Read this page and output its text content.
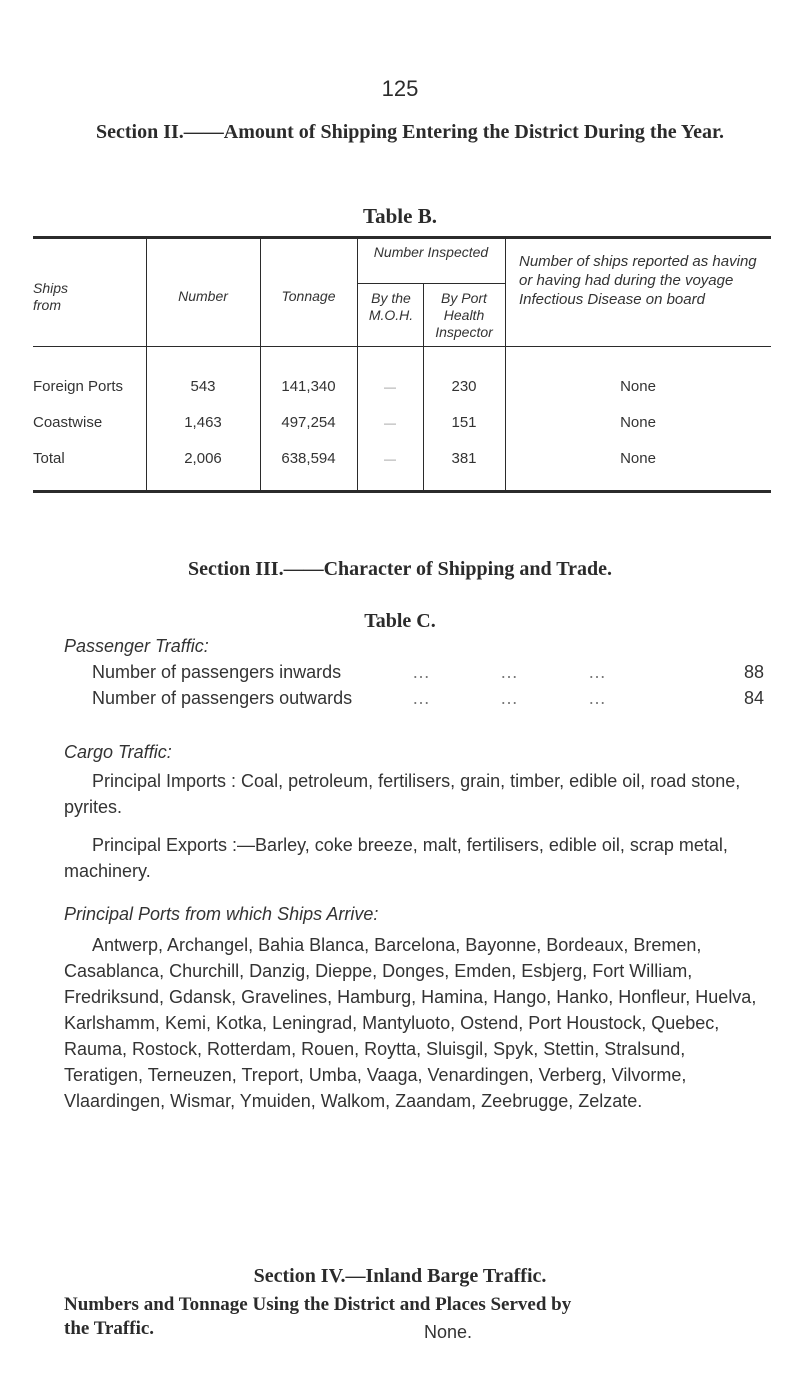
125
Section II.——Amount of Shipping Entering the District During the Year.
Table B.
Ships from
Number	Tonnage
Number Inspected
By the M.O.H.
By Port Health Inspector
Number of ships reported as having or having had during the voyage Infectious Disease on board
Foreign Ports	543	141,340	—	230	None
Coastwise	1,463	497,254	—	151	None
Total	2,006	638,594	—	381	None
Section III.——Character of Shipping and Trade.
Table C.
Passenger Traffic:
Number of passengers inwards	…              …              …	88
Number of passengers outwards	…              …              …	84
Cargo Traffic:
Principal Imports : Coal, petroleum, fertilisers, grain, timber, edible oil, road stone, pyrites.
Principal Exports :—Barley, coke breeze, malt, fertilisers, edible oil, scrap metal, machinery.
Principal Ports from which Ships Arrive:
Antwerp, Archangel, Bahia Blanca, Barcelona, Bayonne, Bordeaux, Bremen, Casablanca, Churchill, Danzig, Dieppe, Donges, Emden, Esbjerg, Fort William, Fredriksund, Gdansk, Gravelines, Hamburg, Hamina, Hango, Hanko, Honfleur, Huelva, Karlshamm, Kemi, Kotka, Leningrad, Mantyluoto, Ostend, Port Houstock, Quebec, Rauma, Rostock, Rotterdam, Rouen, Roytta, Sluisgil, Spyk, Stettin, Stralsund, Teratigen, Terneuzen, Treport, Umba, Vaaga, Venardingen, Verberg, Vilvorme, Vlaardingen, Wismar, Ymuiden, Walkom, Zaandam, Zeebrugge, Zelzate.
Section IV.—Inland Barge Traffic.
Numbers and Tonnage Using the District and Places Served by the Traffic.	None.
